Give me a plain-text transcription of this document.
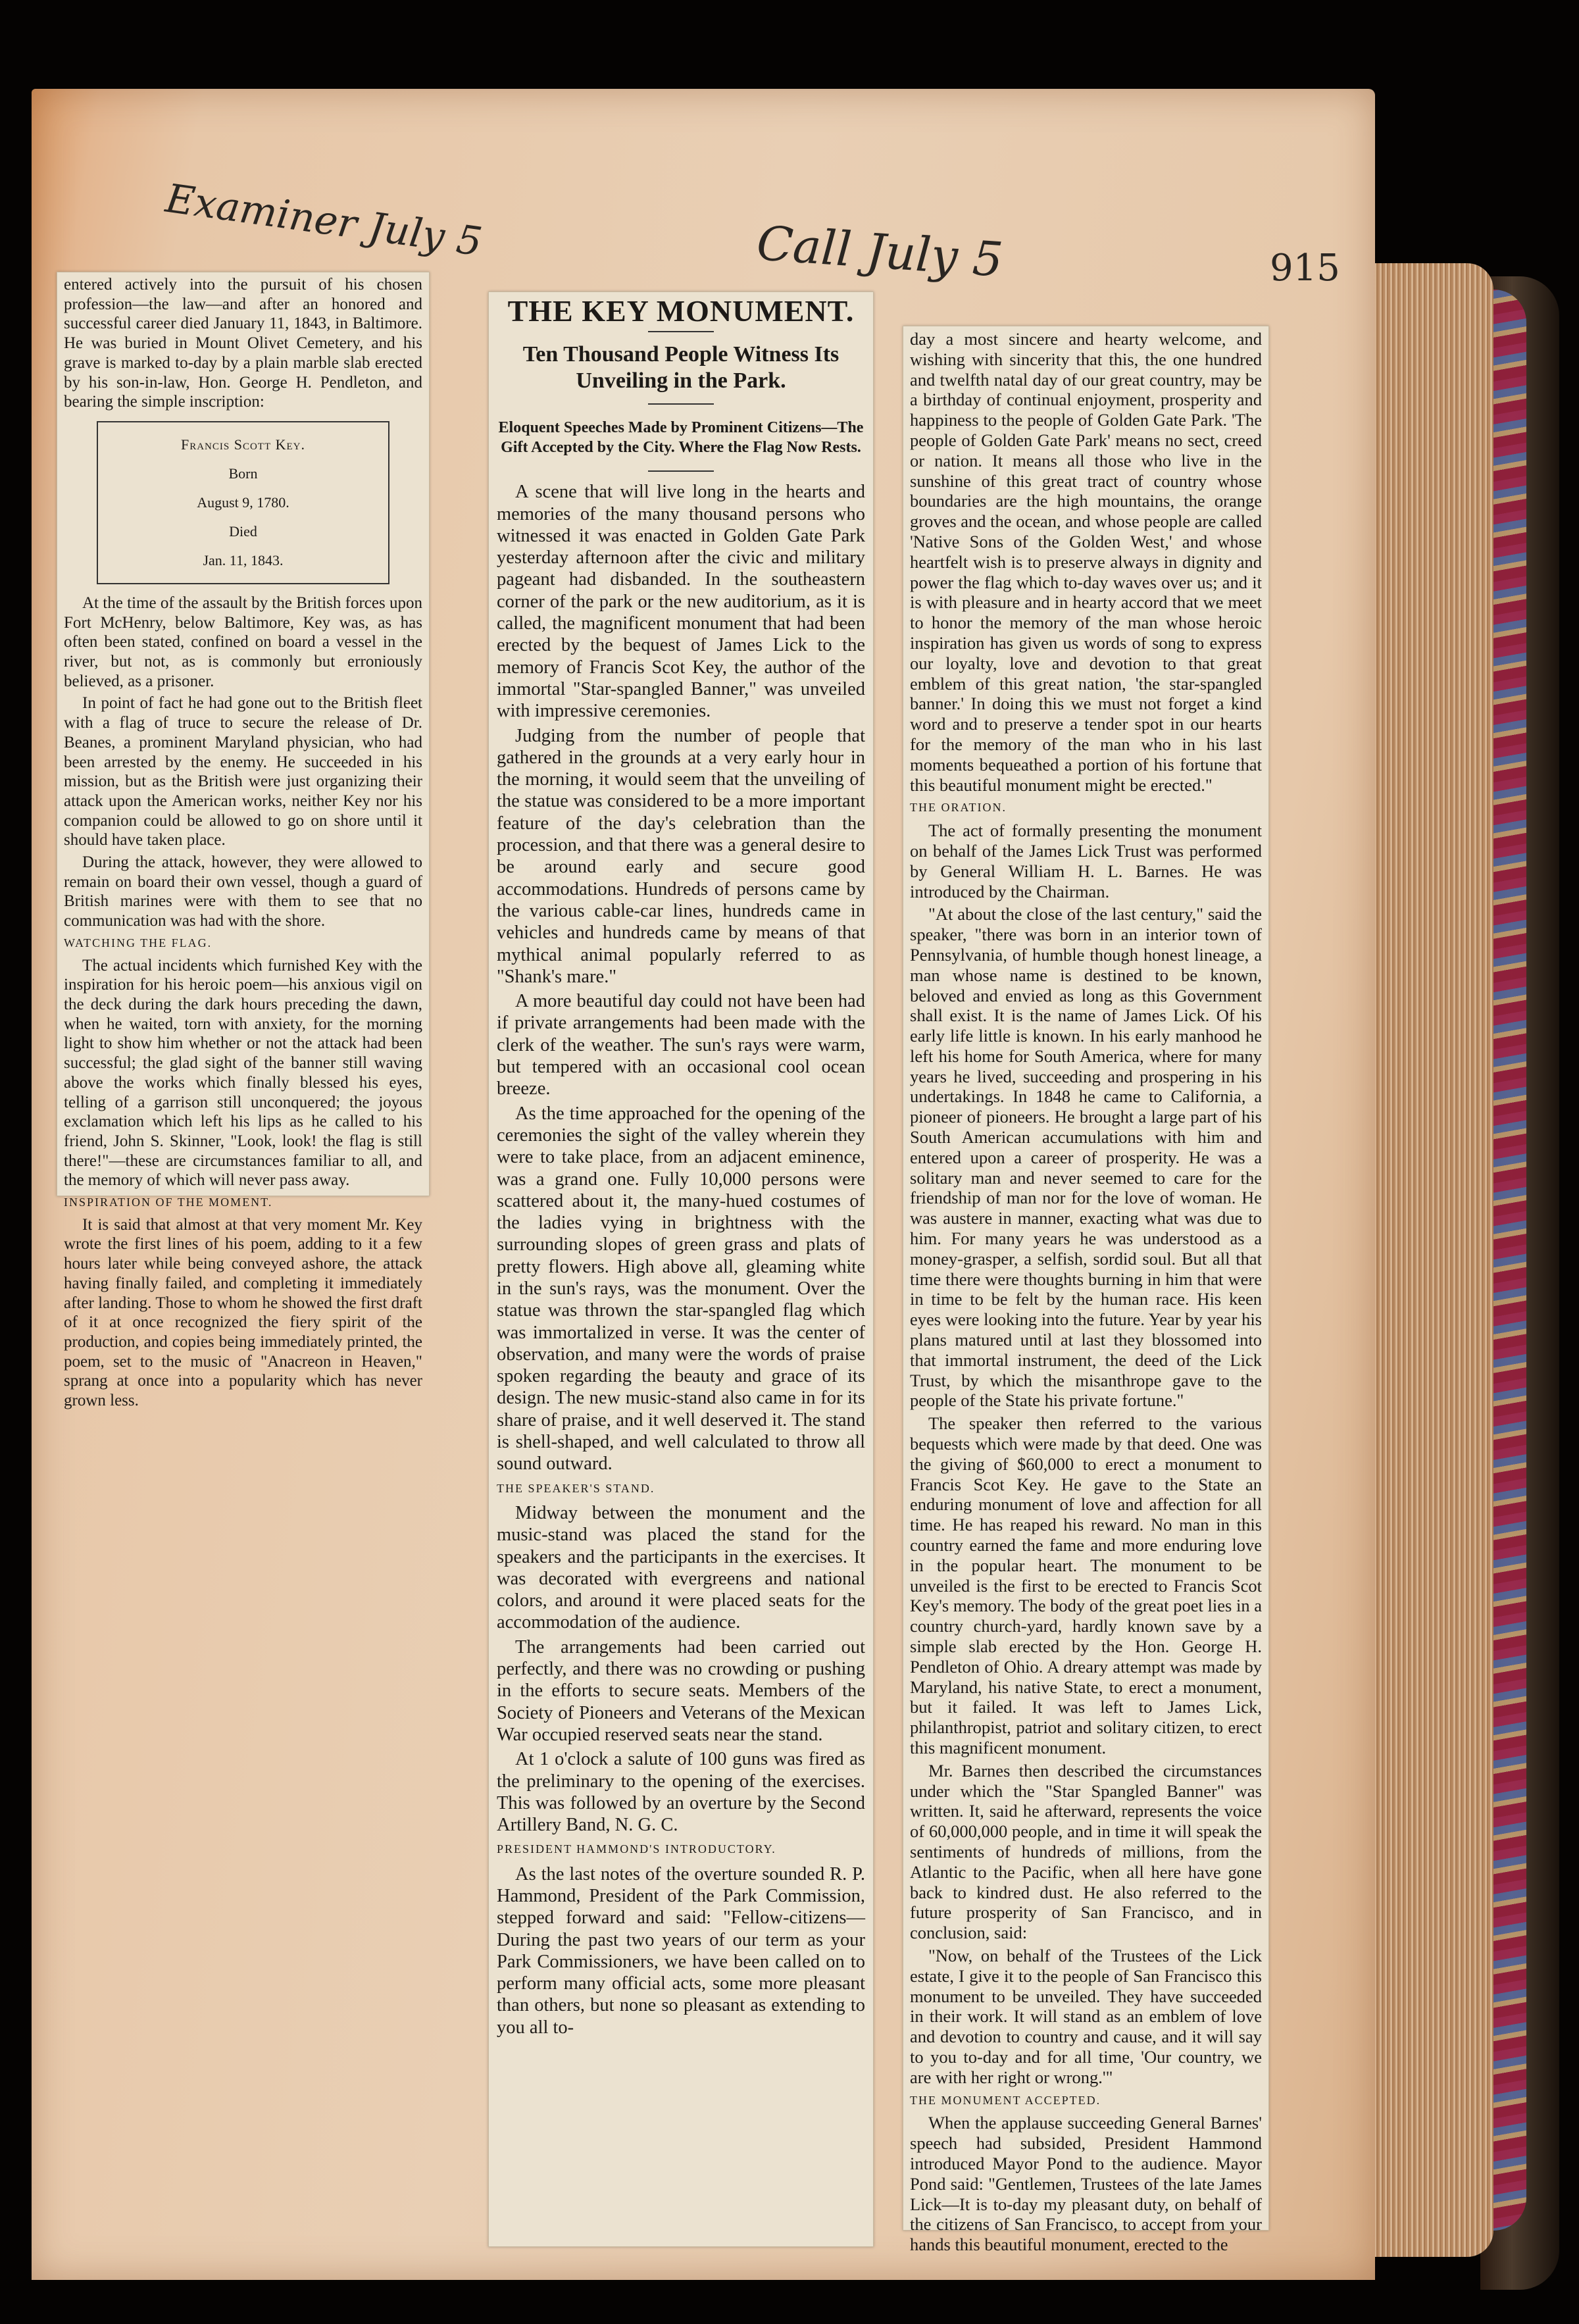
Examiner July 5	Call July 5	915

entered actively into the pursuit of his chosen profession—the law—and after an honored and successful career died January 11, 1843, in Baltimore. He was buried in Mount Olivet Cemetery, and his grave is marked to-day by a plain marble slab erected by his son-in-law, Hon. George H. Pendleton, and bearing the simple inscription:

Francis Scott Key.
Born
August 9, 1780.
Died
Jan. 11, 1843.

At the time of the assault by the British forces upon Fort McHenry, below Baltimore, Key was, as has often been stated, confined on board a vessel in the river, but not, as is commonly but erroniously believed, as a prisoner.

In point of fact he had gone out to the British fleet with a flag of truce to secure the release of Dr. Beanes, a prominent Maryland physician, who had been arrested by the enemy. He succeeded in his mission, but as the British were just organizing their attack upon the American works, neither Key nor his companion could be allowed to go on shore until it should have taken place.

During the attack, however, they were allowed to remain on board their own vessel, though a guard of British marines were with them to see that no communication was had with the shore.

WATCHING THE FLAG.

The actual incidents which furnished Key with the inspiration for his heroic poem—his anxious vigil on the deck during the dark hours preceding the dawn, when he waited, torn with anxiety, for the morning light to show him whether or not the attack had been successful; the glad sight of the banner still waving above the works which finally blessed his eyes, telling of a garrison still unconquered; the joyous exclamation which left his lips as he called to his friend, John S. Skinner, "Look, look! the flag is still there!"—these are circumstances familiar to all, and the memory of which will never pass away.

INSPIRATION OF THE MOMENT.

It is said that almost at that very moment Mr. Key wrote the first lines of his poem, adding to it a few hours later while being conveyed ashore, the attack having finally failed, and completing it immediately after landing. Those to whom he showed the first draft of it at once recognized the fiery spirit of the production, and copies being immediately printed, the poem, set to the music of "Anacreon in Heaven," sprang at once into a popularity which has never grown less.

THE KEY MONUMENT.
Ten Thousand People Witness Its Unveiling in the Park.
Eloquent Speeches Made by Prominent Citizens—The Gift Accepted by the City. Where the Flag Now Rests.

A scene that will live long in the hearts and memories of the many thousand persons who witnessed it was enacted in Golden Gate Park yesterday afternoon after the civic and military pageant had disbanded. In the southeastern corner of the park or the new auditorium, as it is called, the magnificent monument that had been erected by the bequest of James Lick to the memory of Francis Scot Key, the author of the immortal "Star-spangled Banner," was unveiled with impressive ceremonies.

Judging from the number of people that gathered in the grounds at a very early hour in the morning, it would seem that the unveiling of the statue was considered to be a more important feature of the day's celebration than the procession, and that there was a general desire to be around early and secure good accommodations. Hundreds of persons came by the various cable-car lines, hundreds came in vehicles and hundreds came by means of that mythical animal popularly referred to as "Shank's mare."

A more beautiful day could not have been had if private arrangements had been made with the clerk of the weather. The sun's rays were warm, but tempered with an occasional cool ocean breeze.

As the time approached for the opening of the ceremonies the sight of the valley wherein they were to take place, from an adjacent eminence, was a grand one. Fully 10,000 persons were scattered about it, the many-hued costumes of the ladies vying in brightness with the surrounding slopes of green grass and plats of pretty flowers. High above all, gleaming white in the sun's rays, was the monument. Over the statue was thrown the star-spangled flag which was immortalized in verse. It was the center of observation, and many were the words of praise spoken regarding the beauty and grace of its design. The new music-stand also came in for its share of praise, and it well deserved it. The stand is shell-shaped, and well calculated to throw all sound outward.

THE SPEAKER'S STAND.

Midway between the monument and the music-stand was placed the stand for the speakers and the participants in the exercises. It was decorated with evergreens and national colors, and around it were placed seats for the accommodation of the audience.

The arrangements had been carried out perfectly, and there was no crowding or pushing in the efforts to secure seats. Members of the Society of Pioneers and Veterans of the Mexican War occupied reserved seats near the stand.

At 1 o'clock a salute of 100 guns was fired as the preliminary to the opening of the exercises. This was followed by an overture by the Second Artillery Band, N. G. C.

PRESIDENT HAMMOND'S INTRODUCTORY.

As the last notes of the overture sounded R. P. Hammond, President of the Park Commission, stepped forward and said: "Fellow-citizens—During the past two years of our term as your Park Commissioners, we have been called on to perform many official acts, some more pleasant than others, but none so pleasant as extending to you all to-

day a most sincere and hearty welcome, and wishing with sincerity that this, the one hundred and twelfth natal day of our great country, may be a birthday of continual enjoyment, prosperity and happiness to the people of Golden Gate Park. 'The people of Golden Gate Park' means no sect, creed or nation. It means all those who live in the sunshine of this great tract of country whose boundaries are the high mountains, the orange groves and the ocean, and whose people are called 'Native Sons of the Golden West,' and whose heartfelt wish is to preserve always in dignity and power the flag which to-day waves over us; and it is with pleasure and in hearty accord that we meet to honor the memory of the man whose heroic inspiration has given us words of song to express our loyalty, love and devotion to that great emblem of this great nation, 'the star-spangled banner.' In doing this we must not forget a kind word and to preserve a tender spot in our hearts for the memory of the man who in his last moments bequeathed a portion of his fortune that this beautiful monument might be erected."

THE ORATION.

The act of formally presenting the monument on behalf of the James Lick Trust was performed by General William H. L. Barnes. He was introduced by the Chairman.

"At about the close of the last century," said the speaker, "there was born in an interior town of Pennsylvania, of humble though honest lineage, a man whose name is destined to be known, beloved and envied as long as this Government shall exist. It is the name of James Lick. Of his early life little is known. In his early manhood he left his home for South America, where for many years he lived, succeeding and prospering in his undertakings. In 1848 he came to California, a pioneer of pioneers. He brought a large part of his South American accumulations with him and entered upon a career of prosperity. He was a solitary man and never seemed to care for the friendship of man nor for the love of woman. He was austere in manner, exacting what was due to him. For many years he was understood as a money-grasper, a selfish, sordid soul. But all that time there were thoughts burning in him that were in time to be felt by the human race. His keen eyes were looking into the future. Year by year his plans matured until at last they blossomed into that immortal instrument, the deed of the Lick Trust, by which the misanthrope gave to the people of the State his private fortune."

The speaker then referred to the various bequests which were made by that deed. One was the giving of $60,000 to erect a monument to Francis Scot Key. He gave to the State an enduring monument of love and affection for all time. He has reaped his reward. No man in this country earned the fame and more enduring love in the popular heart. The monument to be unveiled is the first to be erected to Francis Scot Key's memory. The body of the great poet lies in a country church-yard, hardly known save by a simple slab erected by the Hon. George H. Pendleton of Ohio. A dreary attempt was made by Maryland, his native State, to erect a monument, but it failed. It was left to James Lick, philanthropist, patriot and solitary citizen, to erect this magnificent monument.

Mr. Barnes then described the circumstances under which the "Star Spangled Banner" was written. It, said he afterward, represents the voice of 60,000,000 people, and in time it will speak the sentiments of hundreds of millions, from the Atlantic to the Pacific, when all here have gone back to kindred dust. He also referred to the future prosperity of San Francisco, and in conclusion, said:

"Now, on behalf of the Trustees of the Lick estate, I give it to the people of San Francisco this monument to be unveiled. They have succeeded in their work. It will stand as an emblem of love and devotion to country and cause, and it will say to you to-day and for all time, 'Our country, we are with her right or wrong.'"

THE MONUMENT ACCEPTED.

When the applause succeeding General Barnes' speech had subsided, President Hammond introduced Mayor Pond to the audience. Mayor Pond said: "Gentlemen, Trustees of the late James Lick—It is to-day my pleasant duty, on behalf of the citizens of San Francisco, to accept from your hands this beautiful monument, erected to the
